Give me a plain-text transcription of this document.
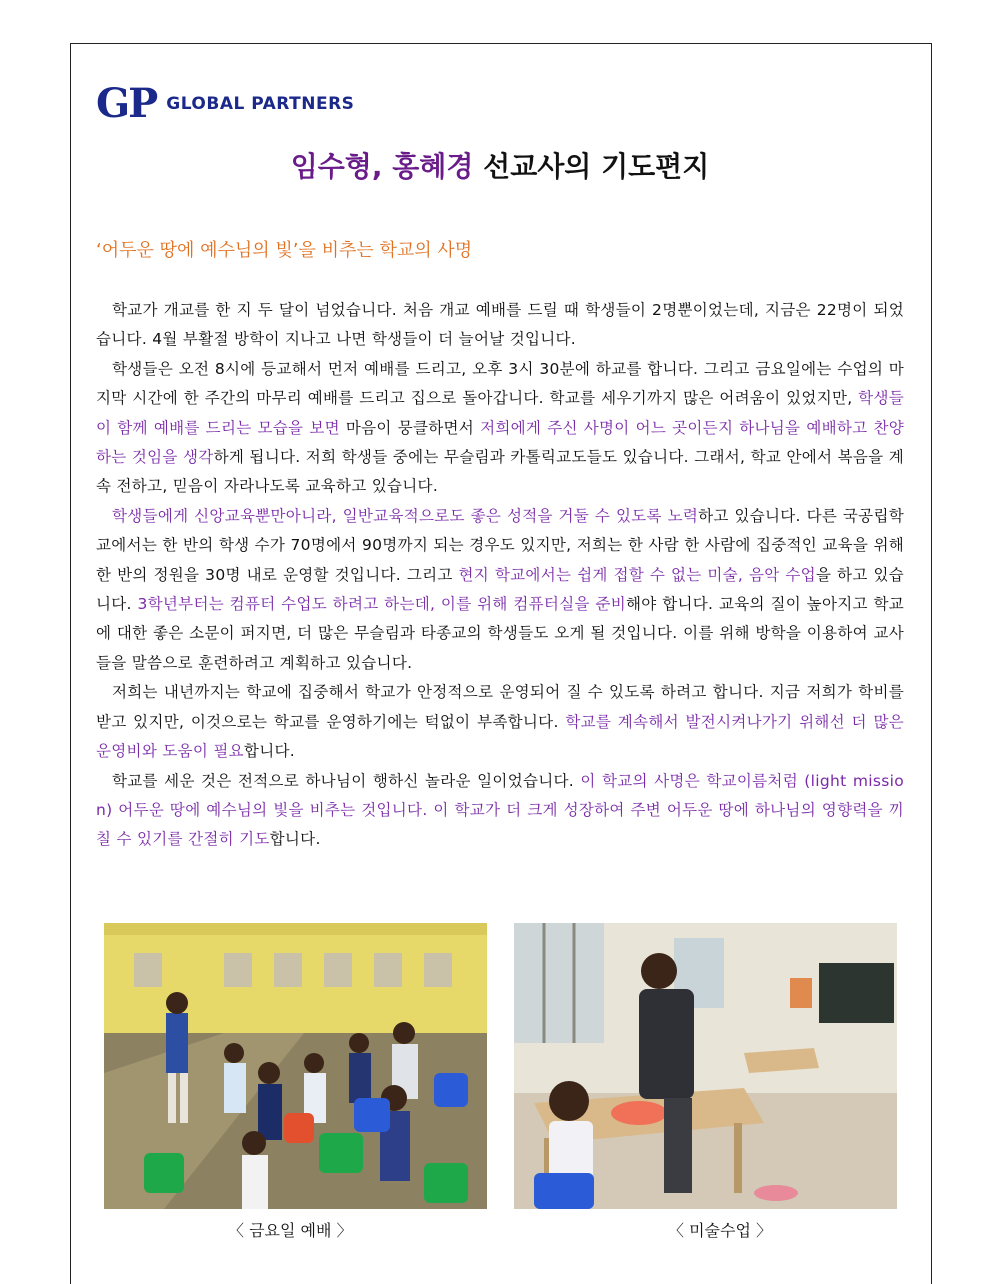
GP GLOBAL PARTNERS
임수형, 홍혜경 선교사의 기도편지
‘어두운 땅에 예수님의 빛’을 비추는 학교의 사명

학교가 개교를 한 지 두 달이 넘었습니다. 처음 개교 예배를 드릴 때 학생들이 2명뿐이었는데, 지금은 22명이 되었습니다. 4월 부활절 방학이 지나고 나면 학생들이 더 늘어날 것입니다.

학생들은 오전 8시에 등교해서 먼저 예배를 드리고, 오후 3시 30분에 하교를 합니다. 그리고 금요일에는 수업의 마지막 시간에 한 주간의 마무리 예배를 드리고 집으로 돌아갑니다. 학교를 세우기까지 많은 어려움이 있었지만, 학생들이 함께 예배를 드리는 모습을 보면 마음이 뭉클하면서 저희에게 주신 사명이 어느 곳이든지 하나님을 예배하고 찬양하는 것임을 생각하게 됩니다. 저희 학생들 중에는 무슬림과 카톨릭교도들도 있습니다. 그래서, 학교 안에서 복음을 계속 전하고, 믿음이 자라나도록 교육하고 있습니다.

학생들에게 신앙교육뿐만아니라, 일반교육적으로도 좋은 성적을 거둘 수 있도록 노력하고 있습니다. 다른 국공립학교에서는 한 반의 학생 수가 70명에서 90명까지 되는 경우도 있지만, 저희는 한 사람 한 사람에 집중적인 교육을 위해 한 반의 정원을 30명 내로 운영할 것입니다. 그리고 현지 학교에서는 쉽게 접할 수 없는 미술, 음악 수업을 하고 있습니다. 3학년부터는 컴퓨터 수업도 하려고 하는데, 이를 위해 컴퓨터실을 준비해야 합니다. 교육의 질이 높아지고 학교에 대한 좋은 소문이 퍼지면, 더 많은 무슬림과 타종교의 학생들도 오게 될 것입니다. 이를 위해 방학을 이용하여 교사들을 말씀으로 훈련하려고 계획하고 있습니다.

저희는 내년까지는 학교에 집중해서 학교가 안정적으로 운영되어 질 수 있도록 하려고 합니다. 지금 저희가 학비를 받고 있지만, 이것으로는 학교를 운영하기에는 턱없이 부족합니다. 학교를 계속해서 발전시켜나가기 위해선 더 많은 운영비와 도움이 필요합니다.

학교를 세운 것은 전적으로 하나님이 행하신 놀라운 일이었습니다. 이 학교의 사명은 학교이름처럼 (light mission) 어두운 땅에 예수님의 빛을 비추는 것입니다. 이 학교가 더 크게 성장하여 주변 어두운 땅에 하나님의 영향력을 끼칠 수 있기를 간절히 기도합니다.

〈 금요일 예배 〉	〈 미술수업 〉
